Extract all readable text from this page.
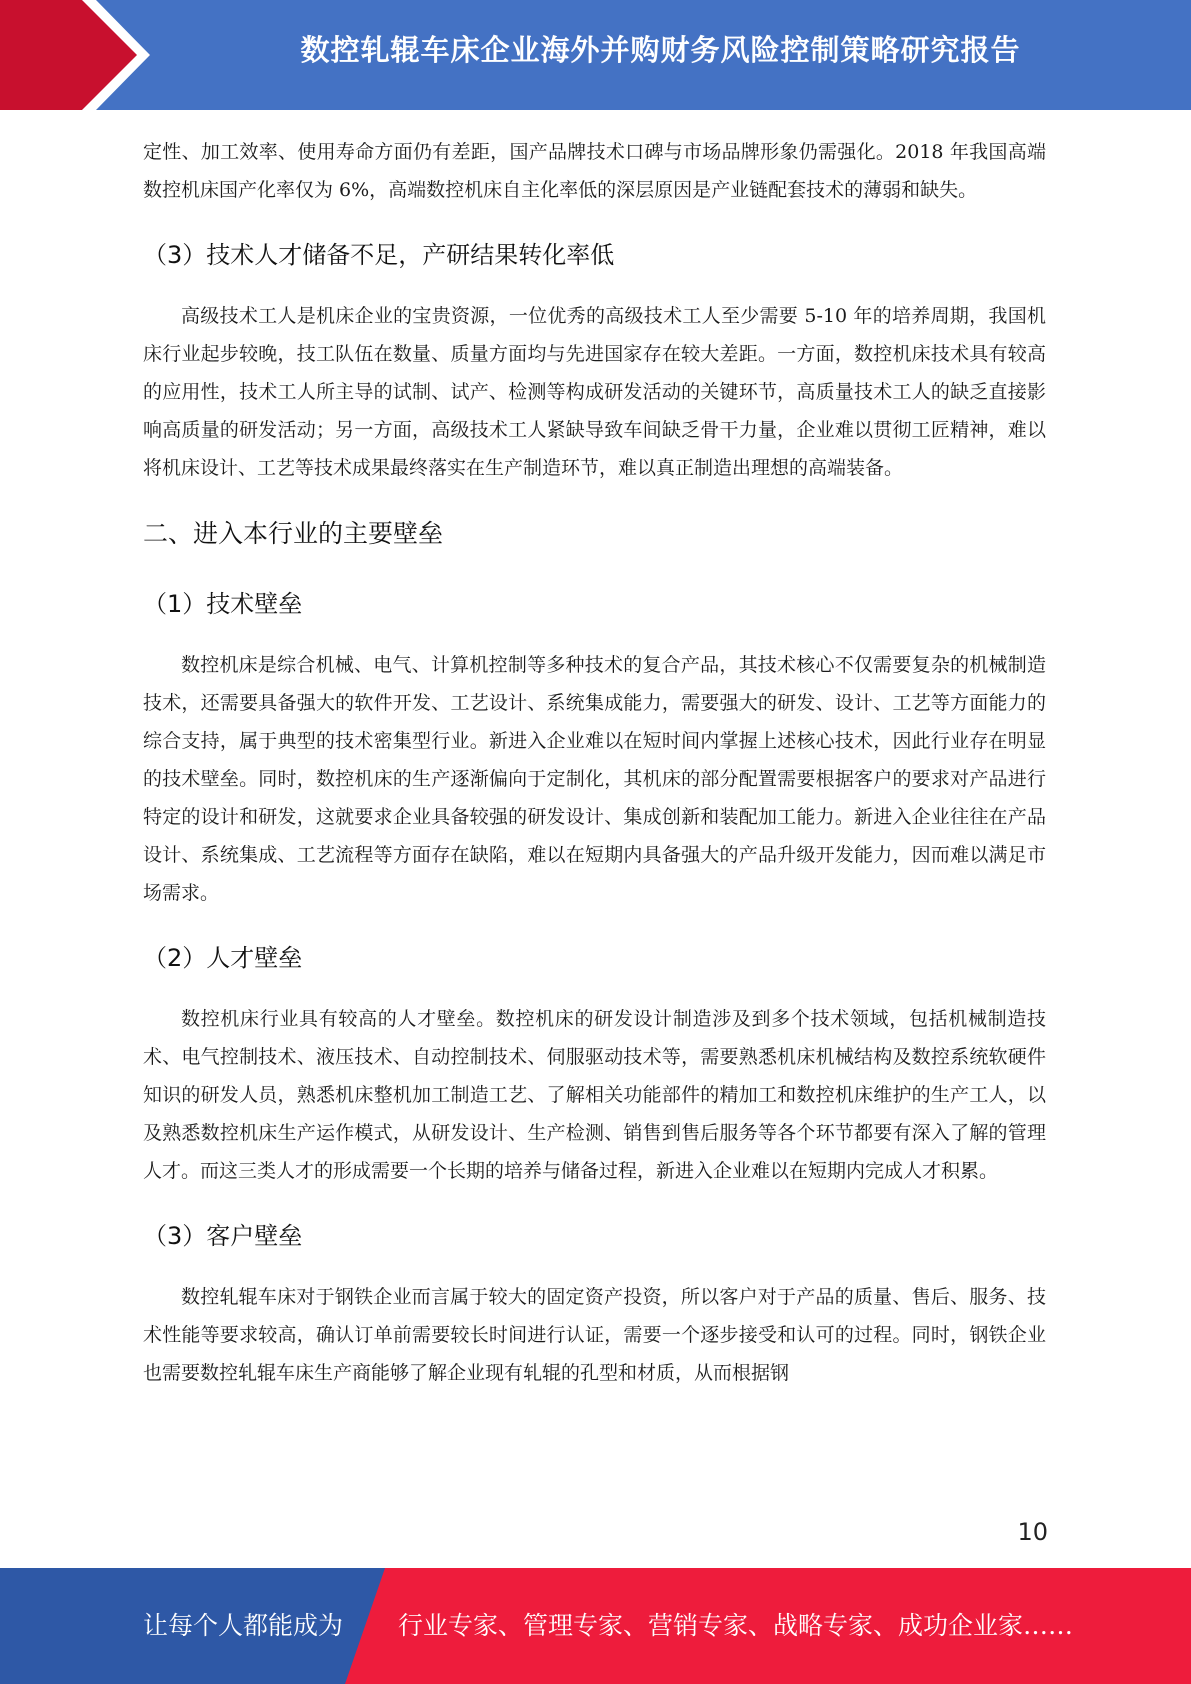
数控轧辊车床企业海外并购财务风险控制策略研究报告

定性、加工效率、使用寿命方面仍有差距，国产品牌技术口碑与市场品牌形象仍需强化。2018 年我国高端数控机床国产化率仅为 6%，高端数控机床自主化率低的深层原因是产业链配套技术的薄弱和缺失。

（3）技术人才储备不足，产研结果转化率低

高级技术工人是机床企业的宝贵资源，一位优秀的高级技术工人至少需要 5-10 年的培养周期，我国机床行业起步较晚，技工队伍在数量、质量方面均与先进国家存在较大差距。一方面，数控机床技术具有较高的应用性，技术工人所主导的试制、试产、检测等构成研发活动的关键环节，高质量技术工人的缺乏直接影响高质量的研发活动；另一方面，高级技术工人紧缺导致车间缺乏骨干力量，企业难以贯彻工匠精神，难以将机床设计、工艺等技术成果最终落实在生产制造环节，难以真正制造出理想的高端装备。

二、进入本行业的主要壁垒
（1）技术壁垒

数控机床是综合机械、电气、计算机控制等多种技术的复合产品，其技术核心不仅需要复杂的机械制造技术，还需要具备强大的软件开发、工艺设计、系统集成能力，需要强大的研发、设计、工艺等方面能力的综合支持，属于典型的技术密集型行业。新进入企业难以在短时间内掌握上述核心技术，因此行业存在明显的技术壁垒。同时，数控机床的生产逐渐偏向于定制化，其机床的部分配置需要根据客户的要求对产品进行特定的设计和研发，这就要求企业具备较强的研发设计、集成创新和装配加工能力。新进入企业往往在产品设计、系统集成、工艺流程等方面存在缺陷，难以在短期内具备强大的产品升级开发能力，因而难以满足市场需求。

（2）人才壁垒

数控机床行业具有较高的人才壁垒。数控机床的研发设计制造涉及到多个技术领域，包括机械制造技术、电气控制技术、液压技术、自动控制技术、伺服驱动技术等，需要熟悉机床机械结构及数控系统软硬件知识的研发人员，熟悉机床整机加工制造工艺、了解相关功能部件的精加工和数控机床维护的生产工人，以及熟悉数控机床生产运作模式，从研发设计、生产检测、销售到售后服务等各个环节都要有深入了解的管理人才。而这三类人才的形成需要一个长期的培养与储备过程，新进入企业难以在短期内完成人才积累。

（3）客户壁垒

数控轧辊车床对于钢铁企业而言属于较大的固定资产投资，所以客户对于产品的质量、售后、服务、技术性能等要求较高，确认订单前需要较长时间进行认证，需要一个逐步接受和认可的过程。同时，钢铁企业也需要数控轧辊车床生产商能够了解企业现有轧辊的孔型和材质，从而根据钢

10
让每个人都能成为 行业专家、管理专家、营销专家、战略专家、成功企业家……
